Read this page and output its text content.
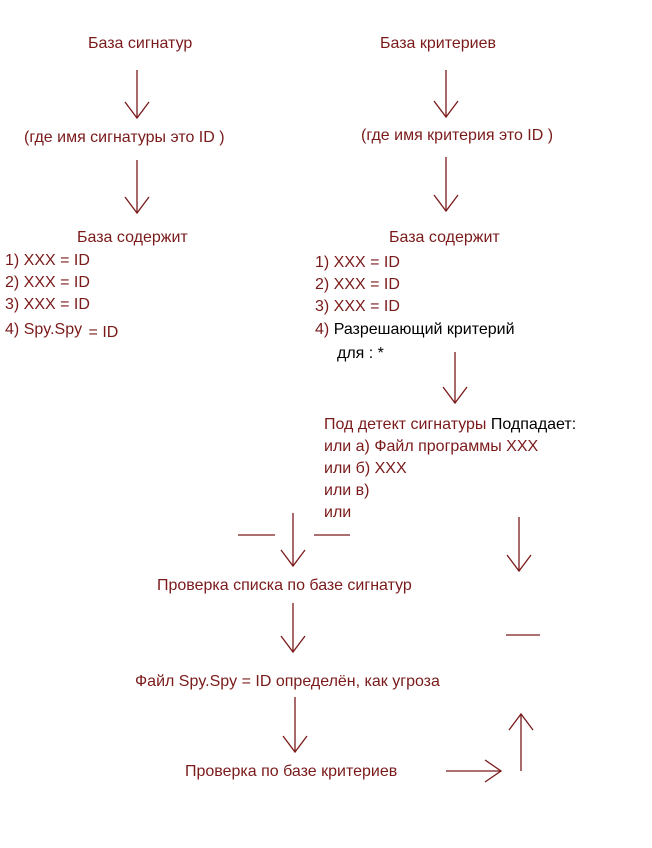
База сигнатур
(где имя сигнатуры это ID )
База содержит
1) XXX = ID
2) XXX = ID
3) XXX = ID
4) Spy.Spy = ID
База критериев
(где имя критерия это ID )
База содержит
1) XXX = ID
2) XXX = ID
3) XXX = ID
4) Разрешающий критерий
для : *
Под детект сигнатуры Подпадает:
или а) Файл программы XXX
или б) XXX
или в)
или
Проверка списка по базе сигнатур
Файл Spy.Spy = ID определён, как угроза
Проверка по базе критериев
